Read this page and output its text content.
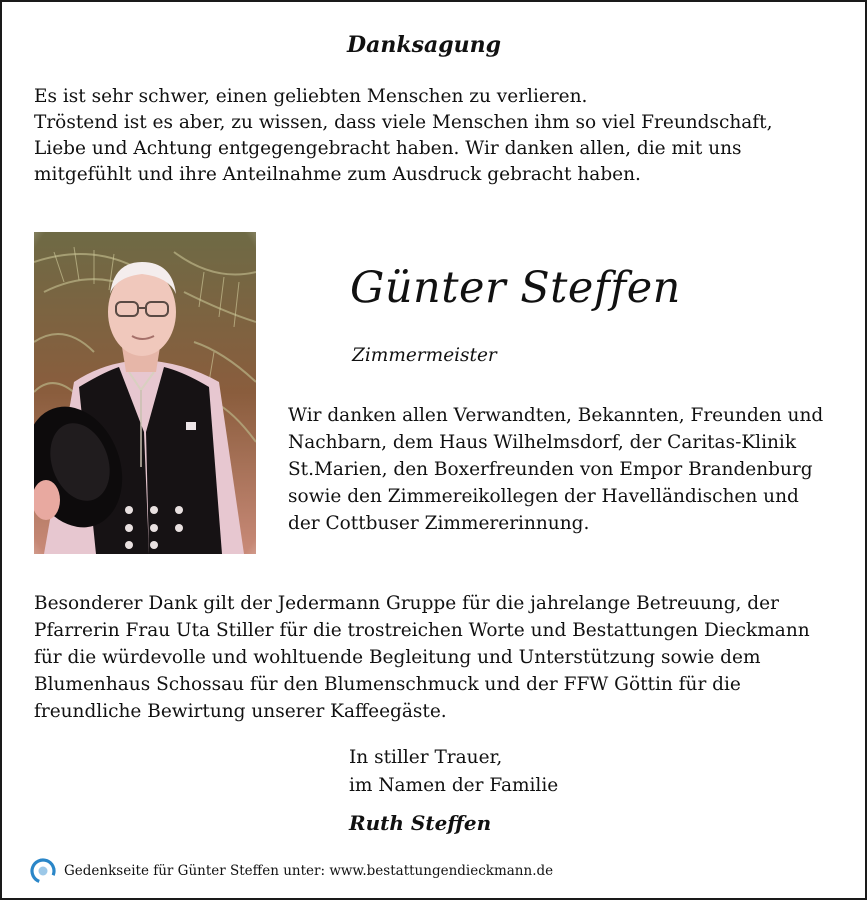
Danksagung
Es ist sehr schwer, einen geliebten Menschen zu verlieren.
Tröstend ist es aber, zu wissen, dass viele Menschen ihm so viel Freundschaft,
Liebe und Achtung entgegengebracht haben. Wir danken allen, die mit uns
mitgefühlt und ihre Anteilnahme zum Ausdruck gebracht haben.
Günter Steffen
Zimmermeister
Wir danken allen Verwandten, Bekannten, Freunden und
Nachbarn, dem Haus Wilhelmsdorf, der Caritas-Klinik
St.Marien, den Boxerfreunden von Empor Brandenburg
sowie den Zimmereikollegen der Havelländischen und
der Cottbuser Zimmererinnung.
Besonderer Dank gilt der Jedermann Gruppe für die jahrelange Betreuung, der
Pfarrerin Frau Uta Stiller für die trostreichen Worte und Bestattungen Dieckmann
für die würdevolle und wohltuende Begleitung und Unterstützung sowie dem
Blumenhaus Schossau für den Blumenschmuck und der FFW Göttin für die
freundliche Bewirtung unserer Kaffeegäste.
In stiller Trauer,
im Namen der Familie
Ruth Steffen
Gedenkseite für Günter Steffen unter: www.bestattungendieckmann.de
